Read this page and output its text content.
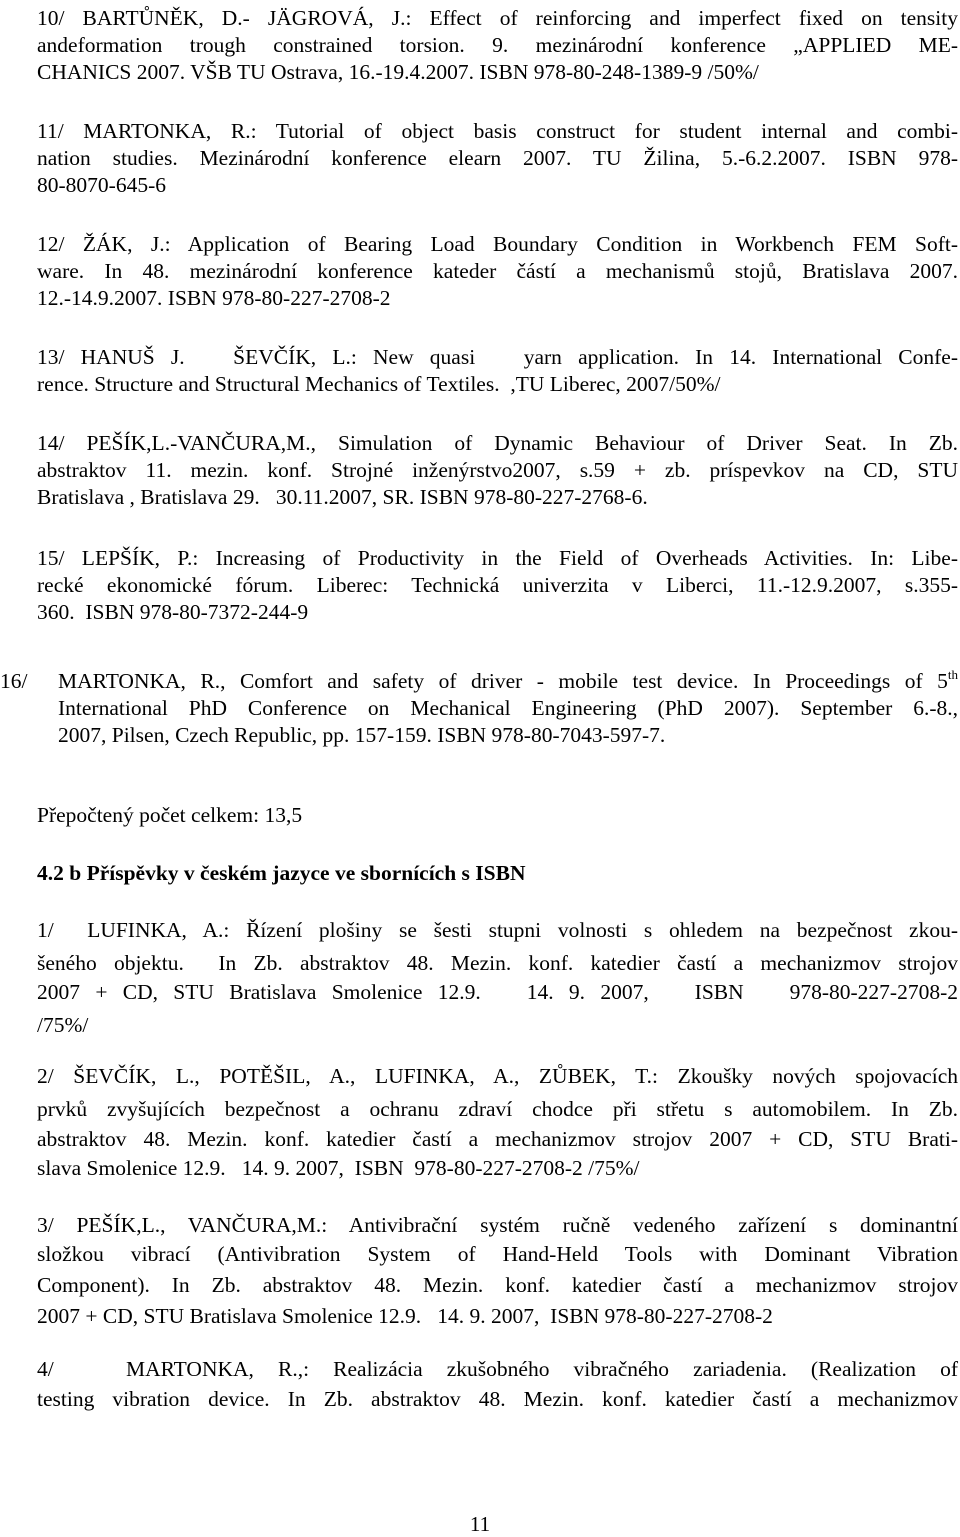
10/ BARTŮNĚK, D.- JÄGROVÁ, J.: Effect of reinforcing and imperfect fixed on tensity
andeformation trough constrained torsion. 9. mezinárodní konference „APPLIED ME-
CHANICS 2007. VŠB TU Ostrava, 16.-19.4.2007. ISBN 978-80-248-1389-9 /50%/
11/ MARTONKA, R.: Tutorial of object basis construct for student internal and combi-
nation studies. Mezinárodní konference elearn 2007. TU Žilina, 5.-6.2.2007. ISBN 978-
80-8070-645-6
12/ ŽÁK, J.: Application of Bearing Load Boundary Condition in Workbench FEM Soft-
ware. In 48. mezinárodní konference kateder částí a mechanismů stojů, Bratislava 2007.
12.-14.9.2007. ISBN 978-80-227-2708-2
13/ HANUŠ J.   ŠEVČÍK, L.: New quasi   yarn application. In 14. International Confe-
rence. Structure and Structural Mechanics of Textiles.  ,TU Liberec, 2007/50%/
14/ PEŠÍK,L.-VANČURA,M., Simulation of Dynamic Behaviour of Driver Seat. In Zb.
abstraktov 11. mezin. konf. Strojné inženýrstvo2007, s.59 + zb. príspevkov na CD, STU
Bratislava , Bratislava 29.   30.11.2007, SR. ISBN 978-80-227-2768-6.
15/ LEPŠÍK, P.: Increasing of Productivity in the Field of Overheads Activities. In: Libe-
recké ekonomické fórum. Liberec: Technická univerzita v Liberci, 11.-12.9.2007, s.355-
360.  ISBN 978-80-7372-244-9
16/ MARTONKA, R., Comfort and safety of driver - mobile test device. In Proceedings of 5th
International PhD Conference on Mechanical Engineering (PhD 2007). September 6.-8.,
2007, Pilsen, Czech Republic, pp. 157-159. ISBN 978-80-7043-597-7.
Přepočtený počet celkem: 13,5
4.2 b Příspěvky v českém jazyce ve sbornících s ISBN
1/  LUFINKA, A.: Řízení plošiny se šesti stupni volnosti s ohledem na bezpečnost zkou-
šeného objektu.  In Zb. abstraktov 48. Mezin. konf. katedier častí a mechanizmov strojov
2007 + CD, STU Bratislava Smolenice 12.9.   14. 9. 2007,   ISBN   978-80-227-2708-2
/75%/
2/ ŠEVČÍK, L., POTĚŠIL, A., LUFINKA, A., ZŮBEK, T.: Zkoušky nových spojovacích
prvků zvyšujících bezpečnost a ochranu zdraví chodce při střetu s automobilem. In Zb.
abstraktov 48. Mezin. konf. katedier častí a mechanizmov strojov 2007 + CD, STU Brati-
slava Smolenice 12.9.   14. 9. 2007,  ISBN  978-80-227-2708-2 /75%/
3/ PEŠÍK,L., VANČURA,M.: Antivibrační systém ručně vedeného zařízení s dominantní
složkou vibrací (Antivibration System of Hand-Held Tools with Dominant Vibration
Component). In Zb. abstraktov 48. Mezin. konf. katedier častí a mechanizmov strojov
2007 + CD, STU Bratislava Smolenice 12.9.   14. 9. 2007,  ISBN 978-80-227-2708-2
4/   MARTONKA, R.,: Realizácia zkušobného vibračného zariadenia. (Realization of
testing vibration device. In Zb. abstraktov 48. Mezin. konf. katedier častí a mechanizmov
11
